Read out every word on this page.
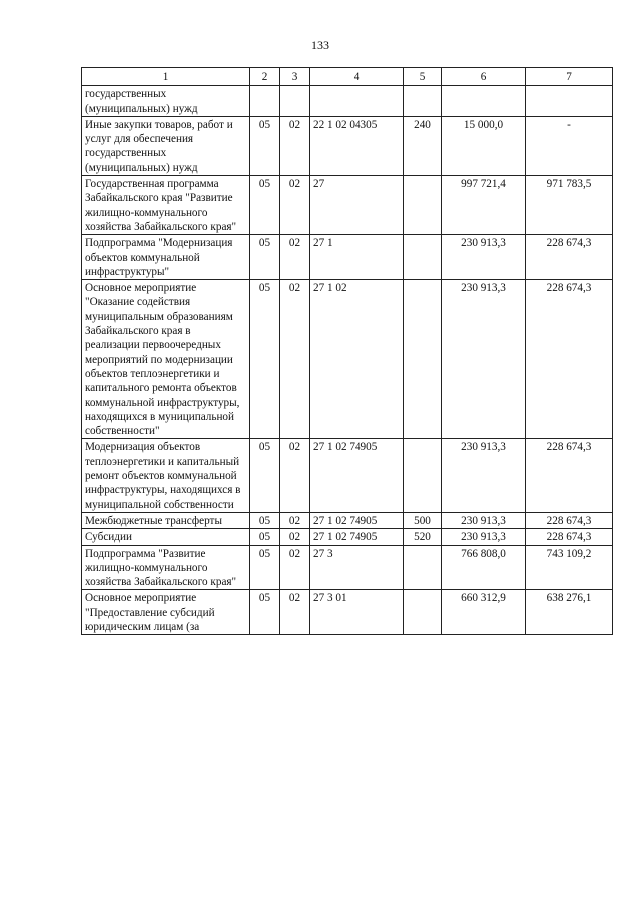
133
1	2	3	4	5	6	7
государственных (муниципальных) нужд						
Иные закупки товаров, работ и услуг для обеспечения государственных (муниципальных) нужд	05	02	22 1 02 04305	240	15 000,0	-
Государственная программа Забайкальского края "Развитие жилищно-коммунального хозяйства Забайкальского края"	05	02	27		997 721,4	971 783,5
Подпрограмма "Модернизация объектов коммунальной инфраструктуры"	05	02	27 1		230 913,3	228 674,3
Основное мероприятие "Оказание содействия муниципальным образованиям Забайкальского края в реализации первоочередных мероприятий по модернизации объектов теплоэнергетики и капитального ремонта объектов коммунальной инфраструктуры, находящихся в муниципальной собственности"	05	02	27 1 02		230 913,3	228 674,3
Модернизация объектов теплоэнергетики и капитальный ремонт объектов коммунальной инфраструктуры, находящихся в муниципальной собственности	05	02	27 1 02 74905		230 913,3	228 674,3
Межбюджетные трансферты	05	02	27 1 02 74905	500	230 913,3	228 674,3
Субсидии	05	02	27 1 02 74905	520	230 913,3	228 674,3
Подпрограмма "Развитие жилищно-коммунального хозяйства Забайкальского края"	05	02	27 3		766 808,0	743 109,2
Основное мероприятие "Предоставление субсидий юридическим лицам (за	05	02	27 3 01		660 312,9	638 276,1
